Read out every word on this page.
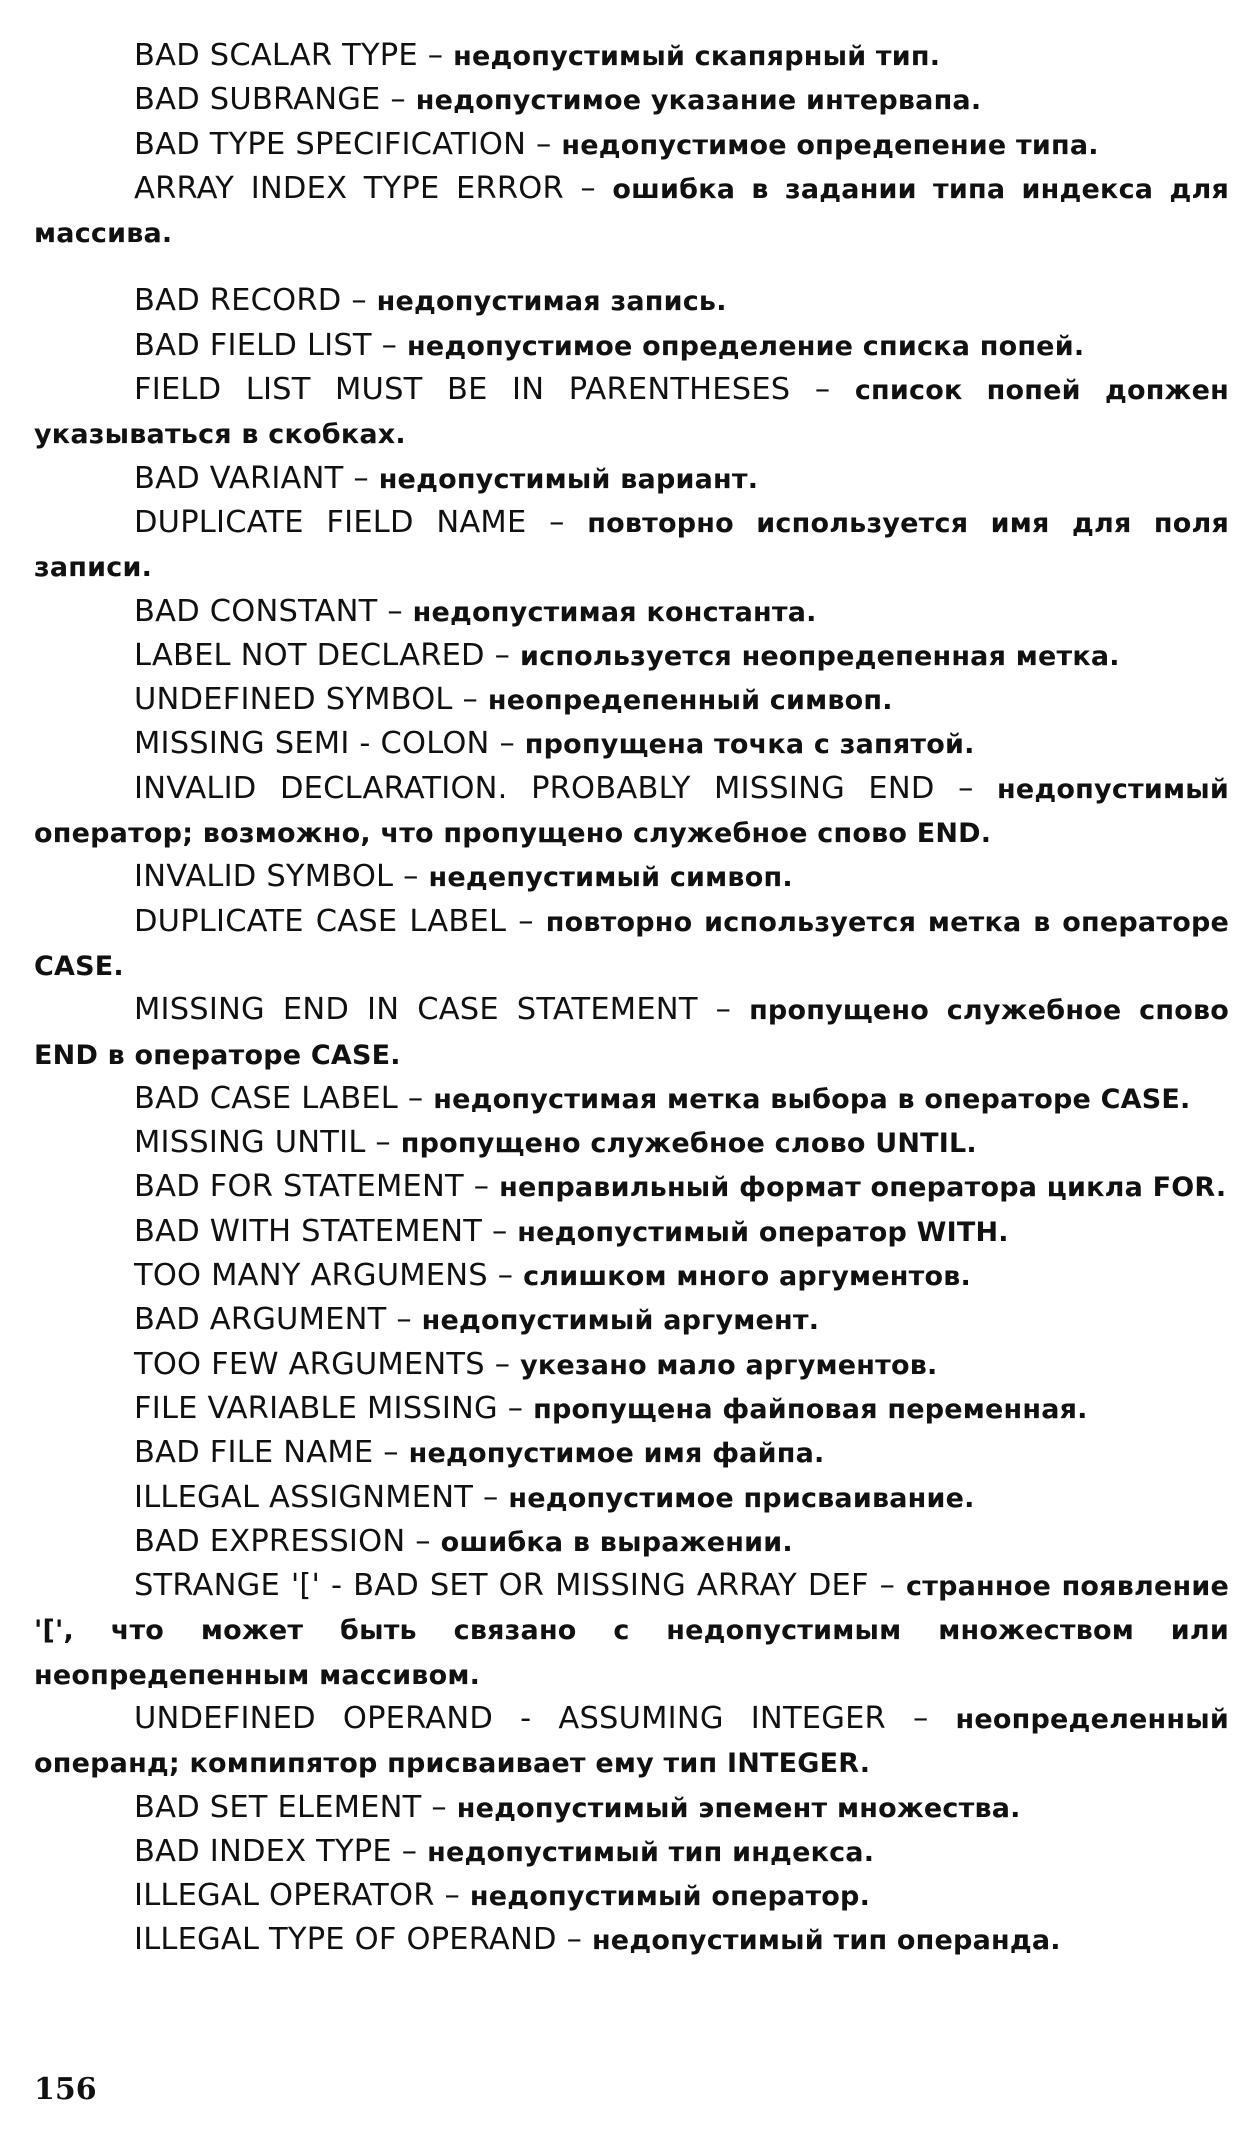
BAD SCALAR TYPE – недопустимый скапярный тип.

BAD SUBRANGE – недопустимое указание интервапа.

BAD TYPE SPECIFICATION – недопустимое опредепение типа.

ARRAY INDEX TYPE ERROR – ошибка в задании типа индекса для массива.

BAD RECORD – недопустимая запись.

BAD FIELD LIST – недопустимое определение списка попей.

FIELD LIST MUST BE IN PARENTHESES – список попей допжен указываться в скобках.

BAD VARIANT – недопустимый вариант.

DUPLICATE FIELD NAME – повторно используется имя для поля записи.

BAD CONSTANT – недопустимая константа.

LABEL NOT DECLARED – используется неопредепенная метка.

UNDEFINED SYMBOL – неопредепенный симвоп.

MISSING SEMI - COLON – пропущена точка с запятой.

INVALID DECLARATION. PROBABLY MISSING END – недопустимый оператор; возможно, что пропущено служебное спово END.

INVALID SYMBOL – недепустимый симвоп.

DUPLICATE CASE LABEL – повторно используется метка в операторе CASE.

MISSING END IN CASE STATEMENT – пропущено служебное спово END в операторе CASE.

BAD CASE LABEL – недопустимая метка выбора в операторе CASE.

MISSING UNTIL – пропущено служебное слово UNTIL.

BAD FOR STATEMENT – неправильный формат оператора цикла FOR.

BAD WITH STATEMENT – недопустимый оператор WITH.

TOO MANY ARGUMENS – слишком много аргументов.

BAD ARGUMENT – недопустимый аргумент.

TOO FEW ARGUMENTS – укезано мало аргументов.

FILE VARIABLE MISSING – пропущена файповая переменная.

BAD FILE NAME – недопустимое имя файпа.

ILLEGAL ASSIGNMENT – недопустимое присваивание.

BAD EXPRESSION – ошибка в выражении.

STRANGE '[' - BAD SET OR MISSING ARRAY DEF – странное появление '[', что может быть связано с недопустимым множеством или неопредепенным массивом.

UNDEFINED OPERAND - ASSUMING INTEGER – неопределенный операнд; компипятор присваивает ему тип INTEGER.

BAD SET ELEMENT – недопустимый эпемент множества.

BAD INDEX TYPE – недопустимый тип индекса.

ILLEGAL OPERATOR – недопустимый оператор.

ILLEGAL TYPE OF OPERAND – недопустимый тип операнда.

156
